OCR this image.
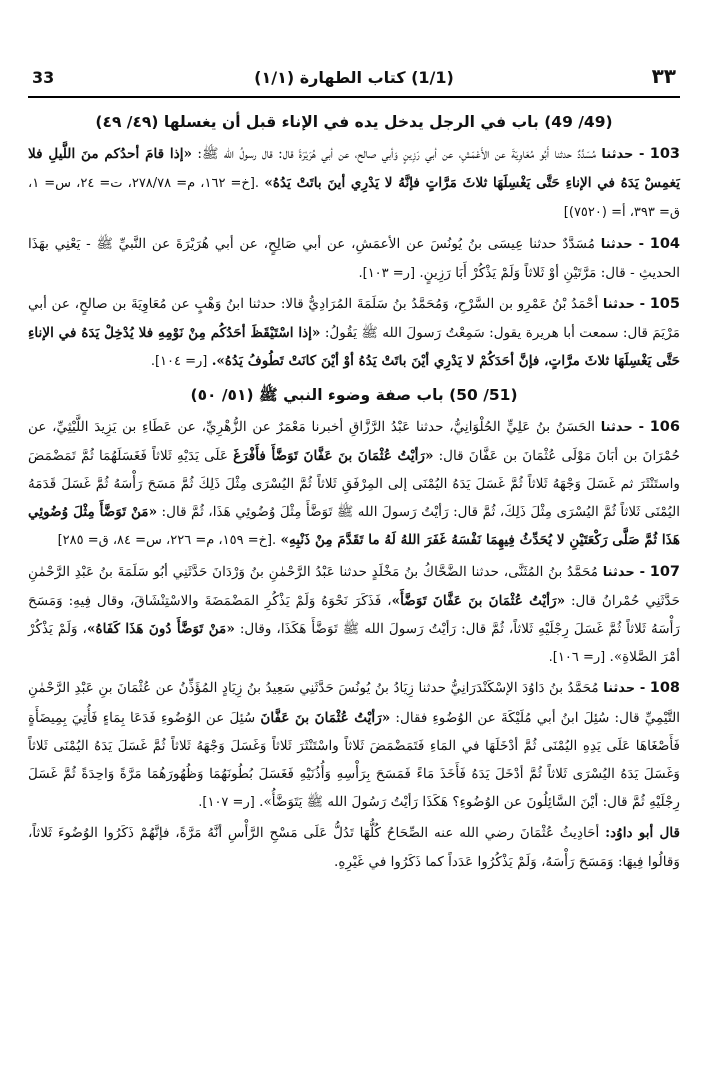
33	(1/1) كتاب الطهارة (١/١)	٣٣
(49/ 49) باب في الرجل يدخل يده في الإناء قبل أن يغسلها (٤٩/ ٤٩)

103 - حدثنا مُسَدَّدٌ حدثنا أَبُو مُعَاوِيَةَ عن الأَعْمَشِ، عن أبي رَزِينٍ وَأبي صالح، عن أبي هُرَيْرَةَ قال: قال رسولُ الله ﷺ: «إذا قامَ أحدُكم منَ اللَّيلِ فلا يَغمِسْ يَدَهُ في الإناءِ حَتَّى يَغْسِلَهَا ثلاثَ مَرَّاتٍ فإنَّهُ لا يَدْرِي أينَ باتَتْ يَدُهُ» .[خ= ١٦٢، م= ٢٧٨/٧٨، ت= ٢٤، س= ١، ق= ٣٩٣، أ= (٧٥٢٠)]

104 - حدثنا مُسَدَّدٌ حدثنا عِيسَى بنُ يُونُسَ عن الأعمَشِ، عن أبي صَالِحٍ، عن أبي هُرَيْرَةَ عن النَّبيِّ ﷺ - يَعْنِي بهَذَا الحديثِ - قال: مَرَّتَيْنِ أوْ ثَلاثاً وَلَمْ يَذْكُرْ أَبَا رَزِينٍ. [ر= ١٠٣].

105 - حدثنا أحْمَدُ بْنُ عَمْرِو بن السَّرْحِ، وَمُحَمَّدُ بنُ سَلَمَةَ المُرَادِيُّ قالا: حدثنا ابنُ وَهْبٍ عن مُعَاوِيَةَ بن صالحٍ، عن أبي مَرْيَمَ قال: سمعت أبا هريرة يقول: سَمِعْتُ رَسولَ الله ﷺ يَقُولُ: «إذا اسْتَيْقَظَ أحَدُكُم مِنْ نَوْمِهِ فلا يُدْخِلْ يَدَهُ في الإناءِ حَتَّى يَغْسِلَهَا ثلاثَ مرَّاتٍ، فإنَّ أحَدَكُمْ لا يَدْرِي أيْنَ باتَتْ يَدُهُ أوْ أيْنَ كانَتْ تَطُوفُ يَدُهُ». [ر= ١٠٤].

(51/ 50) باب صفة وضوء النبي ﷺ (٥١/ ٥٠)

106 - حدثنا الحَسَنُ بنُ عَلِيٍّ الحُلْوَانِيُّ، حدثنا عَبْدُ الرَّزَّاقِ أخبرنا مَعْمَرٌ عن الزُّهْرِيِّ، عن عَطَاءِ بن يَزِيدَ اللَّيْثِيِّ، عن حُمْرَانَ بن أبَانَ مَوْلَى عُثْمَانَ بن عَفَّانَ قال: «رَأيْتُ عُثْمَانَ بنَ عَفَّانَ تَوَضَّأَ فأَفْرَغَ عَلَى يَدَيْهِ ثَلاثاً فَغَسَلَهُمَا ثُمَّ تَمَضْمَضَ واستَنْثَرَ ثم غَسَلَ وَجْهَهُ ثَلاثاً ثُمَّ غَسَلَ يَدَهُ اليُمْنَى إلى المِرْفَقِ ثَلاثاً ثُمَّ اليُسْرَى مِثْلَ ذَلِكَ ثُمَّ مَسَحَ رَأْسَهُ ثُمَّ غَسَلَ قَدَمَهُ اليُمْنَى ثَلاثاً ثُمَّ اليُسْرَى مِثْلَ ذَلِكَ، ثُمَّ قال: رَأيْتُ رَسولَ الله ﷺ تَوَضَّأَ مِثْلَ وُضُوئِي هَذَا، ثُمَّ قال: «مَنْ تَوَضَّأَ مِثْلَ وُضُوئِي هَذَا ثُمَّ صَلَّى رَكْعَتَيْنِ لا يُحَدِّثُ فِيهِمَا نَفْسَهُ غَفَرَ اللهُ لَهُ ما تَقَدَّمَ مِنْ ذَنْبِهِ» .[خ= ١٥٩، م= ٢٢٦، س= ٨٤، ق= ٢٨٥]

107 - حدثنا مُحَمَّدُ بنُ المُثَنَّى، حدثنا الضَّحَّاكُ بنُ مَخْلَدٍ حدثنا عَبْدُ الرَّحْمٰنِ بنُ وَرْدَانَ حَدَّثَنِي أبُو سَلَمَةَ بنُ عَبْدِ الرَّحْمٰنِ حَدَّثَنِي حُمْرانُ قال: «رَأيْتُ عُثْمَانَ بنَ عَفَّانَ تَوَضَّأَ»، فَذَكَرَ نَحْوَهُ وَلَمْ يَذْكُرِ المَضْمَضَةَ والاسْتِنْشَاقَ، وقال فِيهِ: وَمَسَحَ رَأْسَهُ ثَلاثاً ثُمَّ غَسَلَ رِجْلَيْهِ ثَلاثاً، ثُمَّ قال: رَأيْتُ رَسولَ الله ﷺ تَوَضَّأَ هَكَذَا، وقال: «مَنْ تَوَضَّأَ دُونَ هَذَا كَفَاهُ»، وَلَمْ يَذْكُرْ أمْرَ الصَّلاةِ». [ر= ١٠٦].

108 - حدثنا مُحَمَّدُ بنُ دَاوُدَ الإسْكَنْدَرَانِيُّ حدثنا زِيَادُ بنُ يُونُسَ حَدَّثَنِي سَعِيدُ بنُ زِيَادٍ المُؤَذِّنُ عن عُثْمَانَ بنِ عَبْدِ الرَّحْمٰنِ التَّيْمِيِّ قال: سُئِلَ ابنُ أبي مُلَيْكَةَ عن الوُضُوءِ فقال: «رَأيْتُ عُثْمَانَ بنَ عَفَّانَ سُئِلَ عن الوُضُوءِ فَدَعَا بِمَاءٍ فَأُتِيَ بِمِيضَأَةٍ فَأَصْغَاهَا عَلَى يَدِهِ اليُمْنَى ثُمَّ أدْخَلَهَا في المَاءِ فَتَمَضْمَضَ ثَلاثاً واسْتَنْثَرَ ثَلاثاً وَغَسَلَ وَجْهَهُ ثَلاثاً ثُمَّ غَسَلَ يَدَهُ اليُمْنَى ثَلاثاً وَغَسَلَ يَدَهُ اليُسْرَى ثَلاثاً ثُمَّ أدْخَلَ يَدَهُ فَأَخَذَ مَاءً فَمَسَحَ بِرَأْسِهِ وَأُذُنَيْهِ فَغَسَلَ بُطُونَهُمَا وَظُهُورَهُمَا مَرَّةً وَاحِدَةً ثُمَّ غَسَلَ رِجْلَيْهِ ثُمَّ قال: أيْنَ السَّائِلُونَ عن الوُضُوءِ؟ هَكَذَا رَأيْتُ رَسُولَ الله ﷺ يَتَوَضَّأُ». [ر= ١٠٧].

قال أبو داوُد: أحَادِيثُ عُثْمَانَ رضي الله عنه الصِّحَاحُ كُلُّهَا تَدُلُّ عَلَى مَسْحِ الرَّأْسِ أنَّهُ مَرَّةً، فإنَّهُمْ ذَكَرُوا الوُضُوءَ ثَلاثاً، وَقالُوا فِيهَا: وَمَسَحَ رَأْسَهُ، وَلَمْ يَذْكُرُوا عَدَداً كما ذَكَرُوا في غَيْرِهِ.
